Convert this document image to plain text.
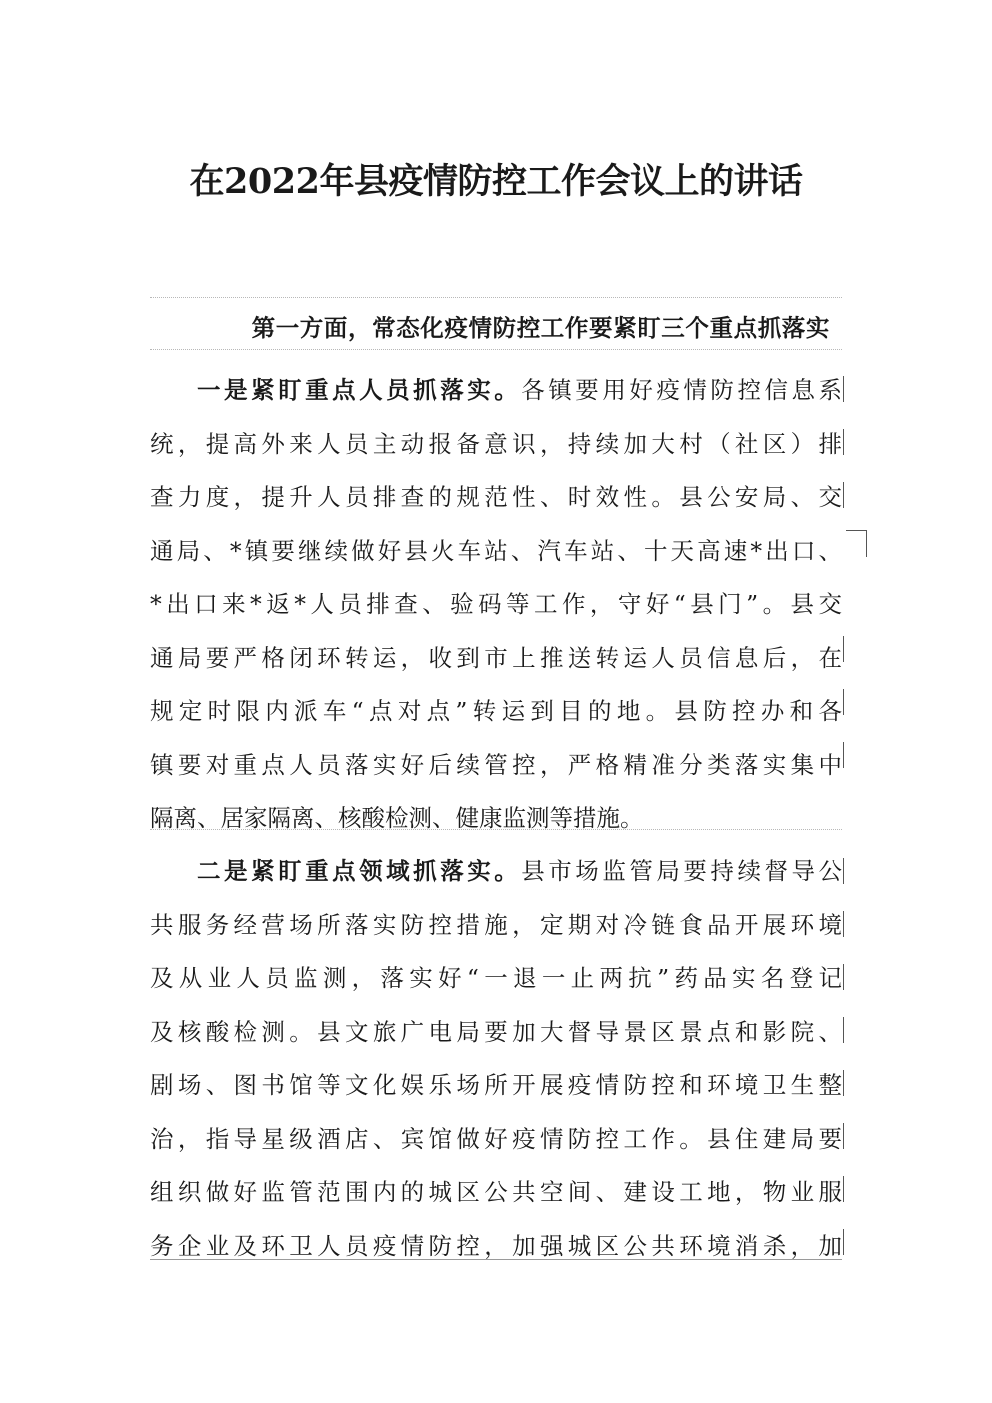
在2022年县疫情防控工作会议上的讲话
第一方面，常态化疫情防控工作要紧盯三个重点抓落实
一是紧盯重点人员抓落实。各镇要用好疫情防控信息系
统，提高外来人员主动报备意识，持续加大村（社区）排
查力度，提升人员排查的规范性、时效性。县公安局、交
通局、*镇要继续做好县火车站、汽车站、十天高速*出口、
*出口来*返*人员排查、验码等工作，守好“县门”。县交
通局要严格闭环转运，收到市上推送转运人员信息后，在
规定时限内派车“点对点”转运到目的地。县防控办和各
镇要对重点人员落实好后续管控，严格精准分类落实集中
隔离、居家隔离、核酸检测、健康监测等措施。
二是紧盯重点领域抓落实。县市场监管局要持续督导公
共服务经营场所落实防控措施，定期对冷链食品开展环境
及从业人员监测，落实好“一退一止两抗”药品实名登记
及核酸检测。县文旅广电局要加大督导景区景点和影院、
剧场、图书馆等文化娱乐场所开展疫情防控和环境卫生整
治，指导星级酒店、宾馆做好疫情防控工作。县住建局要
组织做好监管范围内的城区公共空间、建设工地，物业服
务企业及环卫人员疫情防控，加强城区公共环境消杀，加
